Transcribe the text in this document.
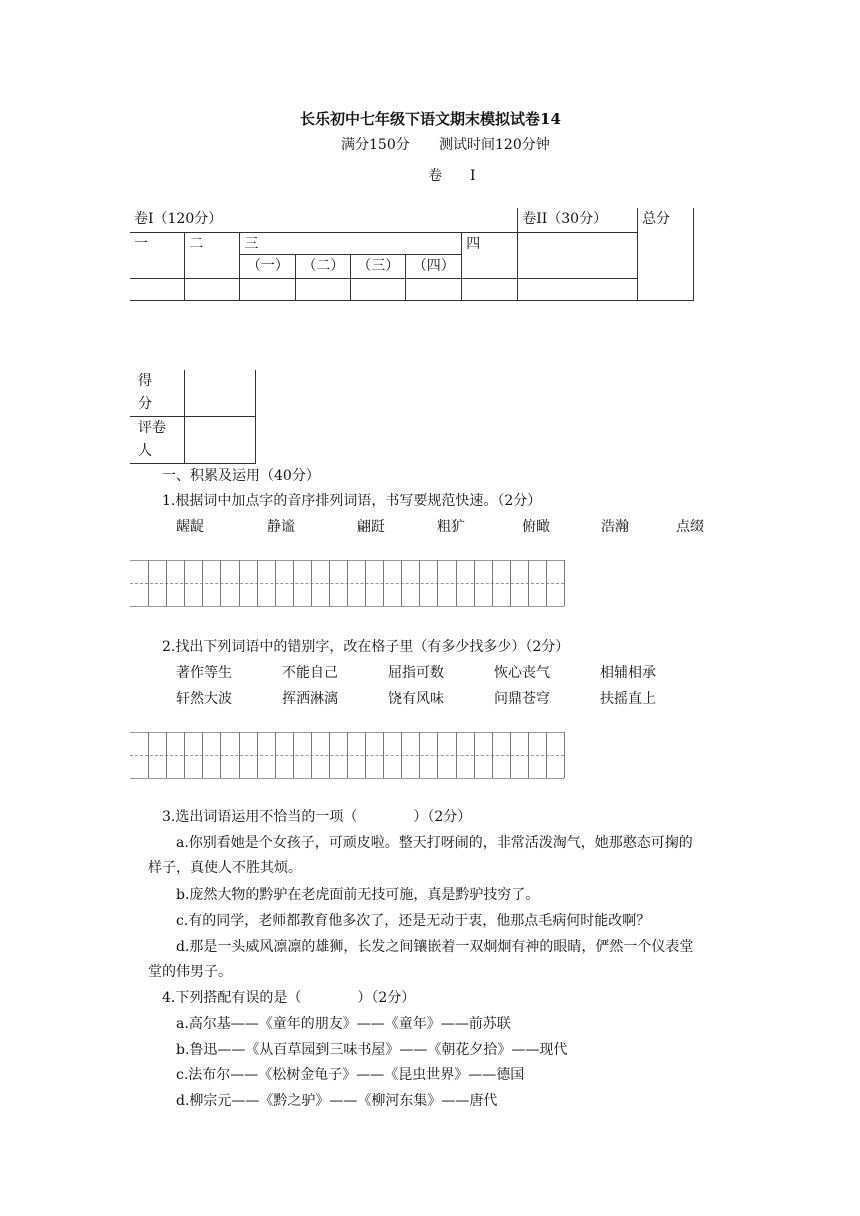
长乐初中七年级下语文期末模拟试卷14
满分150分 测试时间120分钟
卷　　I
卷I（120分）							卷II（30分）	总分
一	二	三				四		
		（一）	（二）	（三）	（四）			

得
分	

评卷
人	

一、积累及运用（40分）
1.根据词中加点字的音序排列词语，书写要规范快速。（2分）
龌龊	静谧	翩跹	粗犷	俯瞰	浩瀚	点缀
2.找出下列词语中的错别字，改在格子里（有多少找多少）（2分）
著作等生	不能自己	屈指可数	恢心丧气	相辅相承
轩然大波	挥洒淋漓	饶有风味	问鼎苍穹	扶摇直上
3.选出词语运用不恰当的一项（　　　　）（2分）
a.你别看她是个女孩子，可顽皮啦。整天打呀闹的，非常活泼淘气，她那憨态可掬的
样子，真使人不胜其烦。
b.庞然大物的黔驴在老虎面前无技可施，真是黔驴技穷了。
c.有的同学，老师都教育他多次了，还是无动于衷，他那点毛病何时能改啊？
d.那是一头威风凛凛的雄狮，长发之间镶嵌着一双炯炯有神的眼睛，俨然一个仪表堂
堂的伟男子。
4.下列搭配有误的是（　　　　）（2分）
a.高尔基——《童年的朋友》——《童年》——前苏联
b.鲁迅——《从百草园到三味书屋》——《朝花夕拾》——现代
c.法布尔——《松树金龟子》——《昆虫世界》——德国
d.柳宗元——《黔之驴》——《柳河东集》——唐代
